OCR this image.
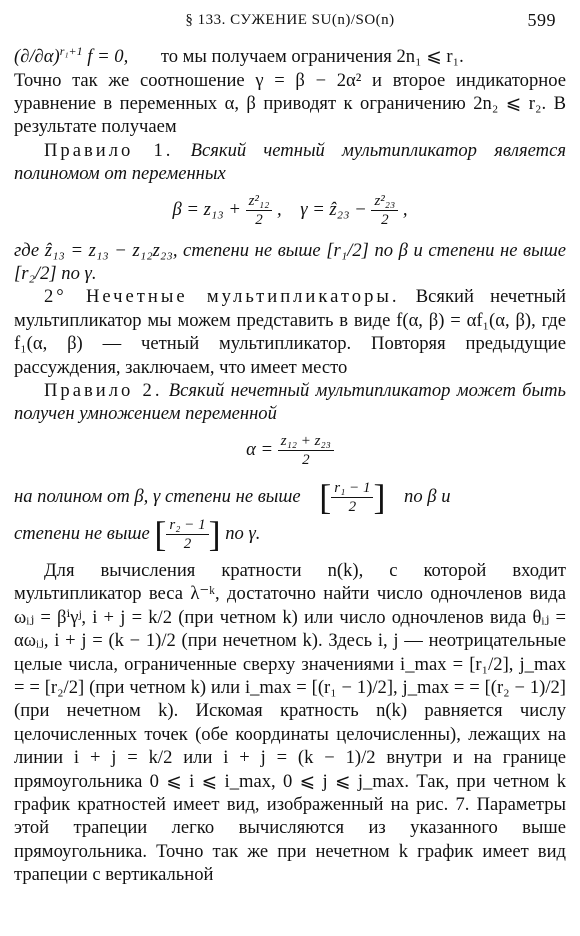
§ 133. СУЖЕНИЕ SU(n)/SO(n)	599

$(\partial/\partial\alpha)^{r_1+1}$ f = 0, то мы получаем ограничения 2n₁ ⩽ r₁.

Точно так же соотношение γ = β − 2α² и второе индикаторное уравнение в переменных α, β приводят к ограничению 2n₂ ⩽ r₂. В результате получаем

Правило 1. Всякий четный мультипликатор является полиномом от переменных

$\beta = z_{13} + \frac{\text{z²₁₂}}{2}$ ,    γ = ẑ₂₃ − $\frac{\text{z²₂₃}}{2}$ ,

где ẑ₁₃ = z₁₃ − z₁₂z₂₃, степени не выше [r₁/2] по β и степени не выше [r₂/2] по γ.

2° Нечетные мультипликаторы. Всякий нечетный мультипликатор мы можем представить в виде f(α, β) = αf₁(α, β), где f₁(α, β) — четный мультипликатор. Повторяя предыдущие рассуждения, заключаем, что имеет место

Правило 2. Всякий нечетный мультипликатор может быть получен умножением переменной

$\alpha = \frac{\text{z₁₂ + z₂₃}}{2}$

на полином от β, γ степени не выше [ $\frac{\text{r₁ − 1}}{2}$ ] по β и

степени не выше [ $\frac{\text{r₂ − 1}}{2}$ ] по γ.

Для вычисления кратности n(k), с которой входит мультипликатор веса λ⁻ᵏ, достаточно найти число одночленов вида ωᵢⱼ = βⁱγʲ, i + j = k/2 (при четном k) или число одночленов вида θᵢⱼ = αωᵢⱼ, i + j = (k − 1)/2 (при нечетном k). Здесь i, j — неотрицательные целые числа, ограниченные сверху значениями i_max = [r₁/2], j_max = = [r₂/2] (при четном k) или i_max = [(r₁ − 1)/2], j_max = = [(r₂ − 1)/2] (при нечетном k). Искомая кратность n(k) равняется числу целочисленных точек (обе координаты целочисленны), лежащих на линии i + j = k/2 или i + j = (k − 1)/2 внутри и на границе прямоугольника 0 ⩽ i ⩽ i_max, 0 ⩽ j ⩽ j_max. Так, при четном k график кратностей имеет вид, изображенный на рис. 7. Параметры этой трапеции легко вычисляются из указанного выше прямоугольника. Точно так же при нечетном k график имеет вид трапеции с вертикальной
